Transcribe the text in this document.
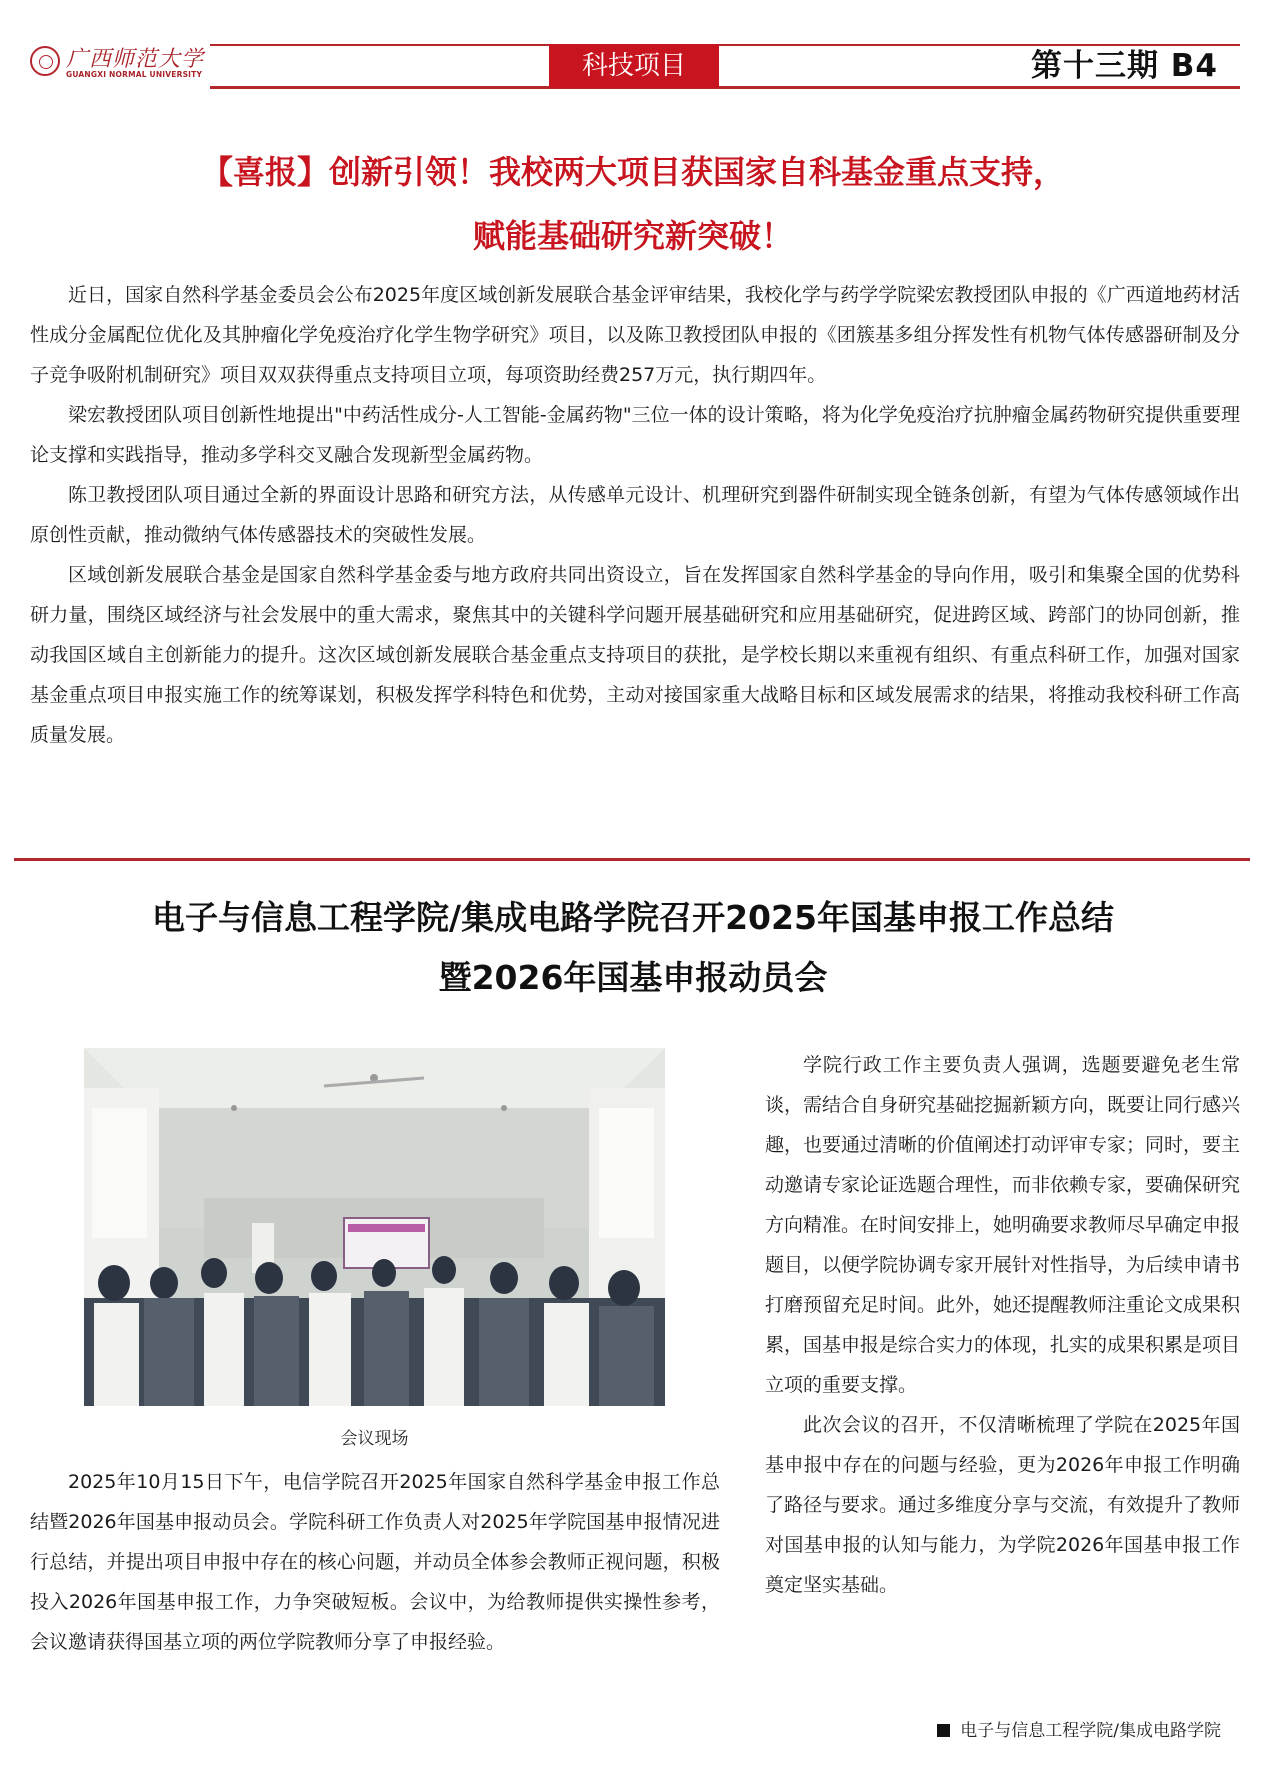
广西师范大学
GUANGXI NORMAL UNIVERSITY	科技项目	第十三期 B4
【喜报】创新引领！我校两大项目获国家自科基金重点支持，
赋能基础研究新突破！

近日，国家自然科学基金委员会公布2025年度区域创新发展联合基金评审结果，我校化学与药学学院梁宏教授团队申报的《广西道地药材活性成分金属配位优化及其肿瘤化学免疫治疗化学生物学研究》项目，以及陈卫教授团队申报的《团簇基多组分挥发性有机物气体传感器研制及分子竞争吸附机制研究》项目双双获得重点支持项目立项，每项资助经费257万元，执行期四年。

梁宏教授团队项目创新性地提出"中药活性成分-人工智能-金属药物"三位一体的设计策略，将为化学免疫治疗抗肿瘤金属药物研究提供重要理论支撑和实践指导，推动多学科交叉融合发现新型金属药物。

陈卫教授团队项目通过全新的界面设计思路和研究方法，从传感单元设计、机理研究到器件研制实现全链条创新，有望为气体传感领域作出原创性贡献，推动微纳气体传感器技术的突破性发展。

区域创新发展联合基金是国家自然科学基金委与地方政府共同出资设立，旨在发挥国家自然科学基金的导向作用，吸引和集聚全国的优势科研力量，围绕区域经济与社会发展中的重大需求，聚焦其中的关键科学问题开展基础研究和应用基础研究，促进跨区域、跨部门的协同创新，推动我国区域自主创新能力的提升。这次区域创新发展联合基金重点支持项目的获批，是学校长期以来重视有组织、有重点科研工作，加强对国家基金重点项目申报实施工作的统筹谋划，积极发挥学科特色和优势，主动对接国家重大战略目标和区域发展需求的结果，将推动我校科研工作高质量发展。

电子与信息工程学院/集成电路学院召开2025年国基申报工作总结
暨2026年国基申报动员会
会议现场

2025年10月15日下午，电信学院召开2025年国家自然科学基金申报工作总结暨2026年国基申报动员会。学院科研工作负责人对2025年学院国基申报情况进行总结，并提出项目申报中存在的核心问题，并动员全体参会教师正视问题，积极投入2026年国基申报工作，力争突破短板。会议中，为给教师提供实操性参考，会议邀请获得国基立项的两位学院教师分享了申报经验。

学院行政工作主要负责人强调，选题要避免老生常谈，需结合自身研究基础挖掘新颖方向，既要让同行感兴趣，也要通过清晰的价值阐述打动评审专家；同时，要主动邀请专家论证选题合理性，而非依赖专家，要确保研究方向精准。在时间安排上，她明确要求教师尽早确定申报题目，以便学院协调专家开展针对性指导，为后续申请书打磨预留充足时间。此外，她还提醒教师注重论文成果积累，国基申报是综合实力的体现，扎实的成果积累是项目立项的重要支撑。

此次会议的召开，不仅清晰梳理了学院在2025年国基申报中存在的问题与经验，更为2026年申报工作明确了路径与要求。通过多维度分享与交流，有效提升了教师对国基申报的认知与能力，为学院2026年国基申报工作奠定坚实基础。

电子与信息工程学院/集成电路学院
